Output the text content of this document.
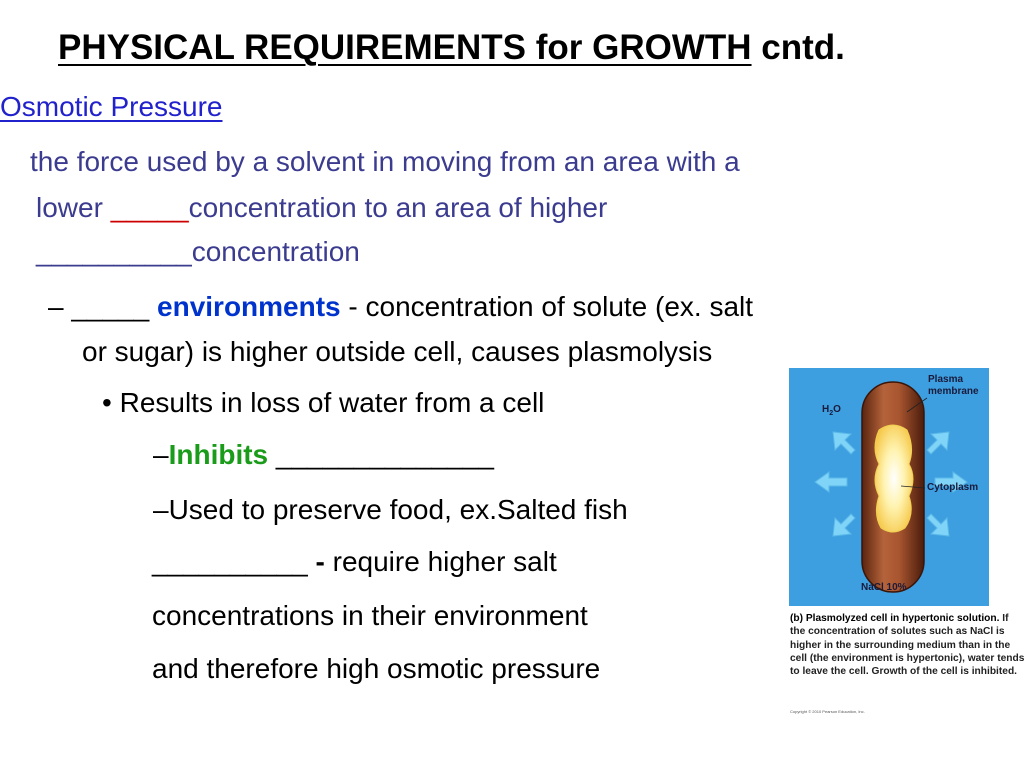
PHYSICAL REQUIREMENTS for GROWTH cntd.
Osmotic Pressure
the force used by a solvent in moving from an area with a
lower _____concentration to an area of higher
__________concentration
– _____ environments - concentration of solute (ex. salt
or sugar) is higher outside cell, causes plasmolysis
• Results in loss of water from a cell
–Inhibits ______________
–Used to preserve food, ex.Salted fish
__________ - require higher salt
concentrations in their environment
and therefore high osmotic pressure
Plasma
membrane
$H_2O$
Cytoplasm
NaCl 10%
(b) Plasmolyzed cell in hypertonic solution. If the concentration of solutes such as NaCl is higher in the surrounding medium than in the cell (the environment is hypertonic), water tends to leave the cell. Growth of the cell is inhibited.
Copyright © 2010 Pearson Education, Inc.
